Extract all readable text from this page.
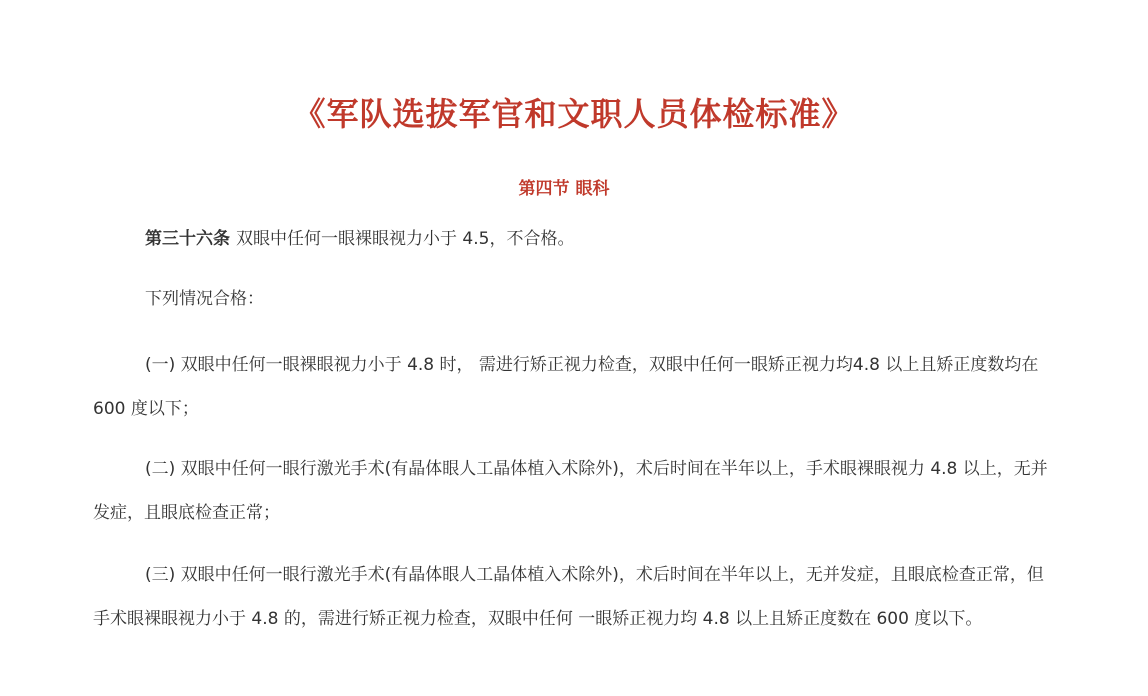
《军队选拔军官和文职人员体检标准》
第四节 眼科

第三十六条 双眼中任何一眼裸眼视力小于 4.5，不合格。

下列情况合格：

(一) 双眼中任何一眼裸眼视力小于 4.8 时， 需进行矫正视力检查，双眼中任何一眼矫正视力均4.8 以上且矫正度数均在 600 度以下；

(二) 双眼中任何一眼行激光手术(有晶体眼人工晶体植入术除外)，术后时间在半年以上，手术眼裸眼视力 4.8 以上，无并发症，且眼底检查正常；

(三) 双眼中任何一眼行激光手术(有晶体眼人工晶体植入术除外)，术后时间在半年以上，无并发症，且眼底检查正常，但 手术眼裸眼视力小于 4.8 的，需进行矫正视力检查，双眼中任何 一眼矫正视力均 4.8 以上且矫正度数在 600 度以下。
